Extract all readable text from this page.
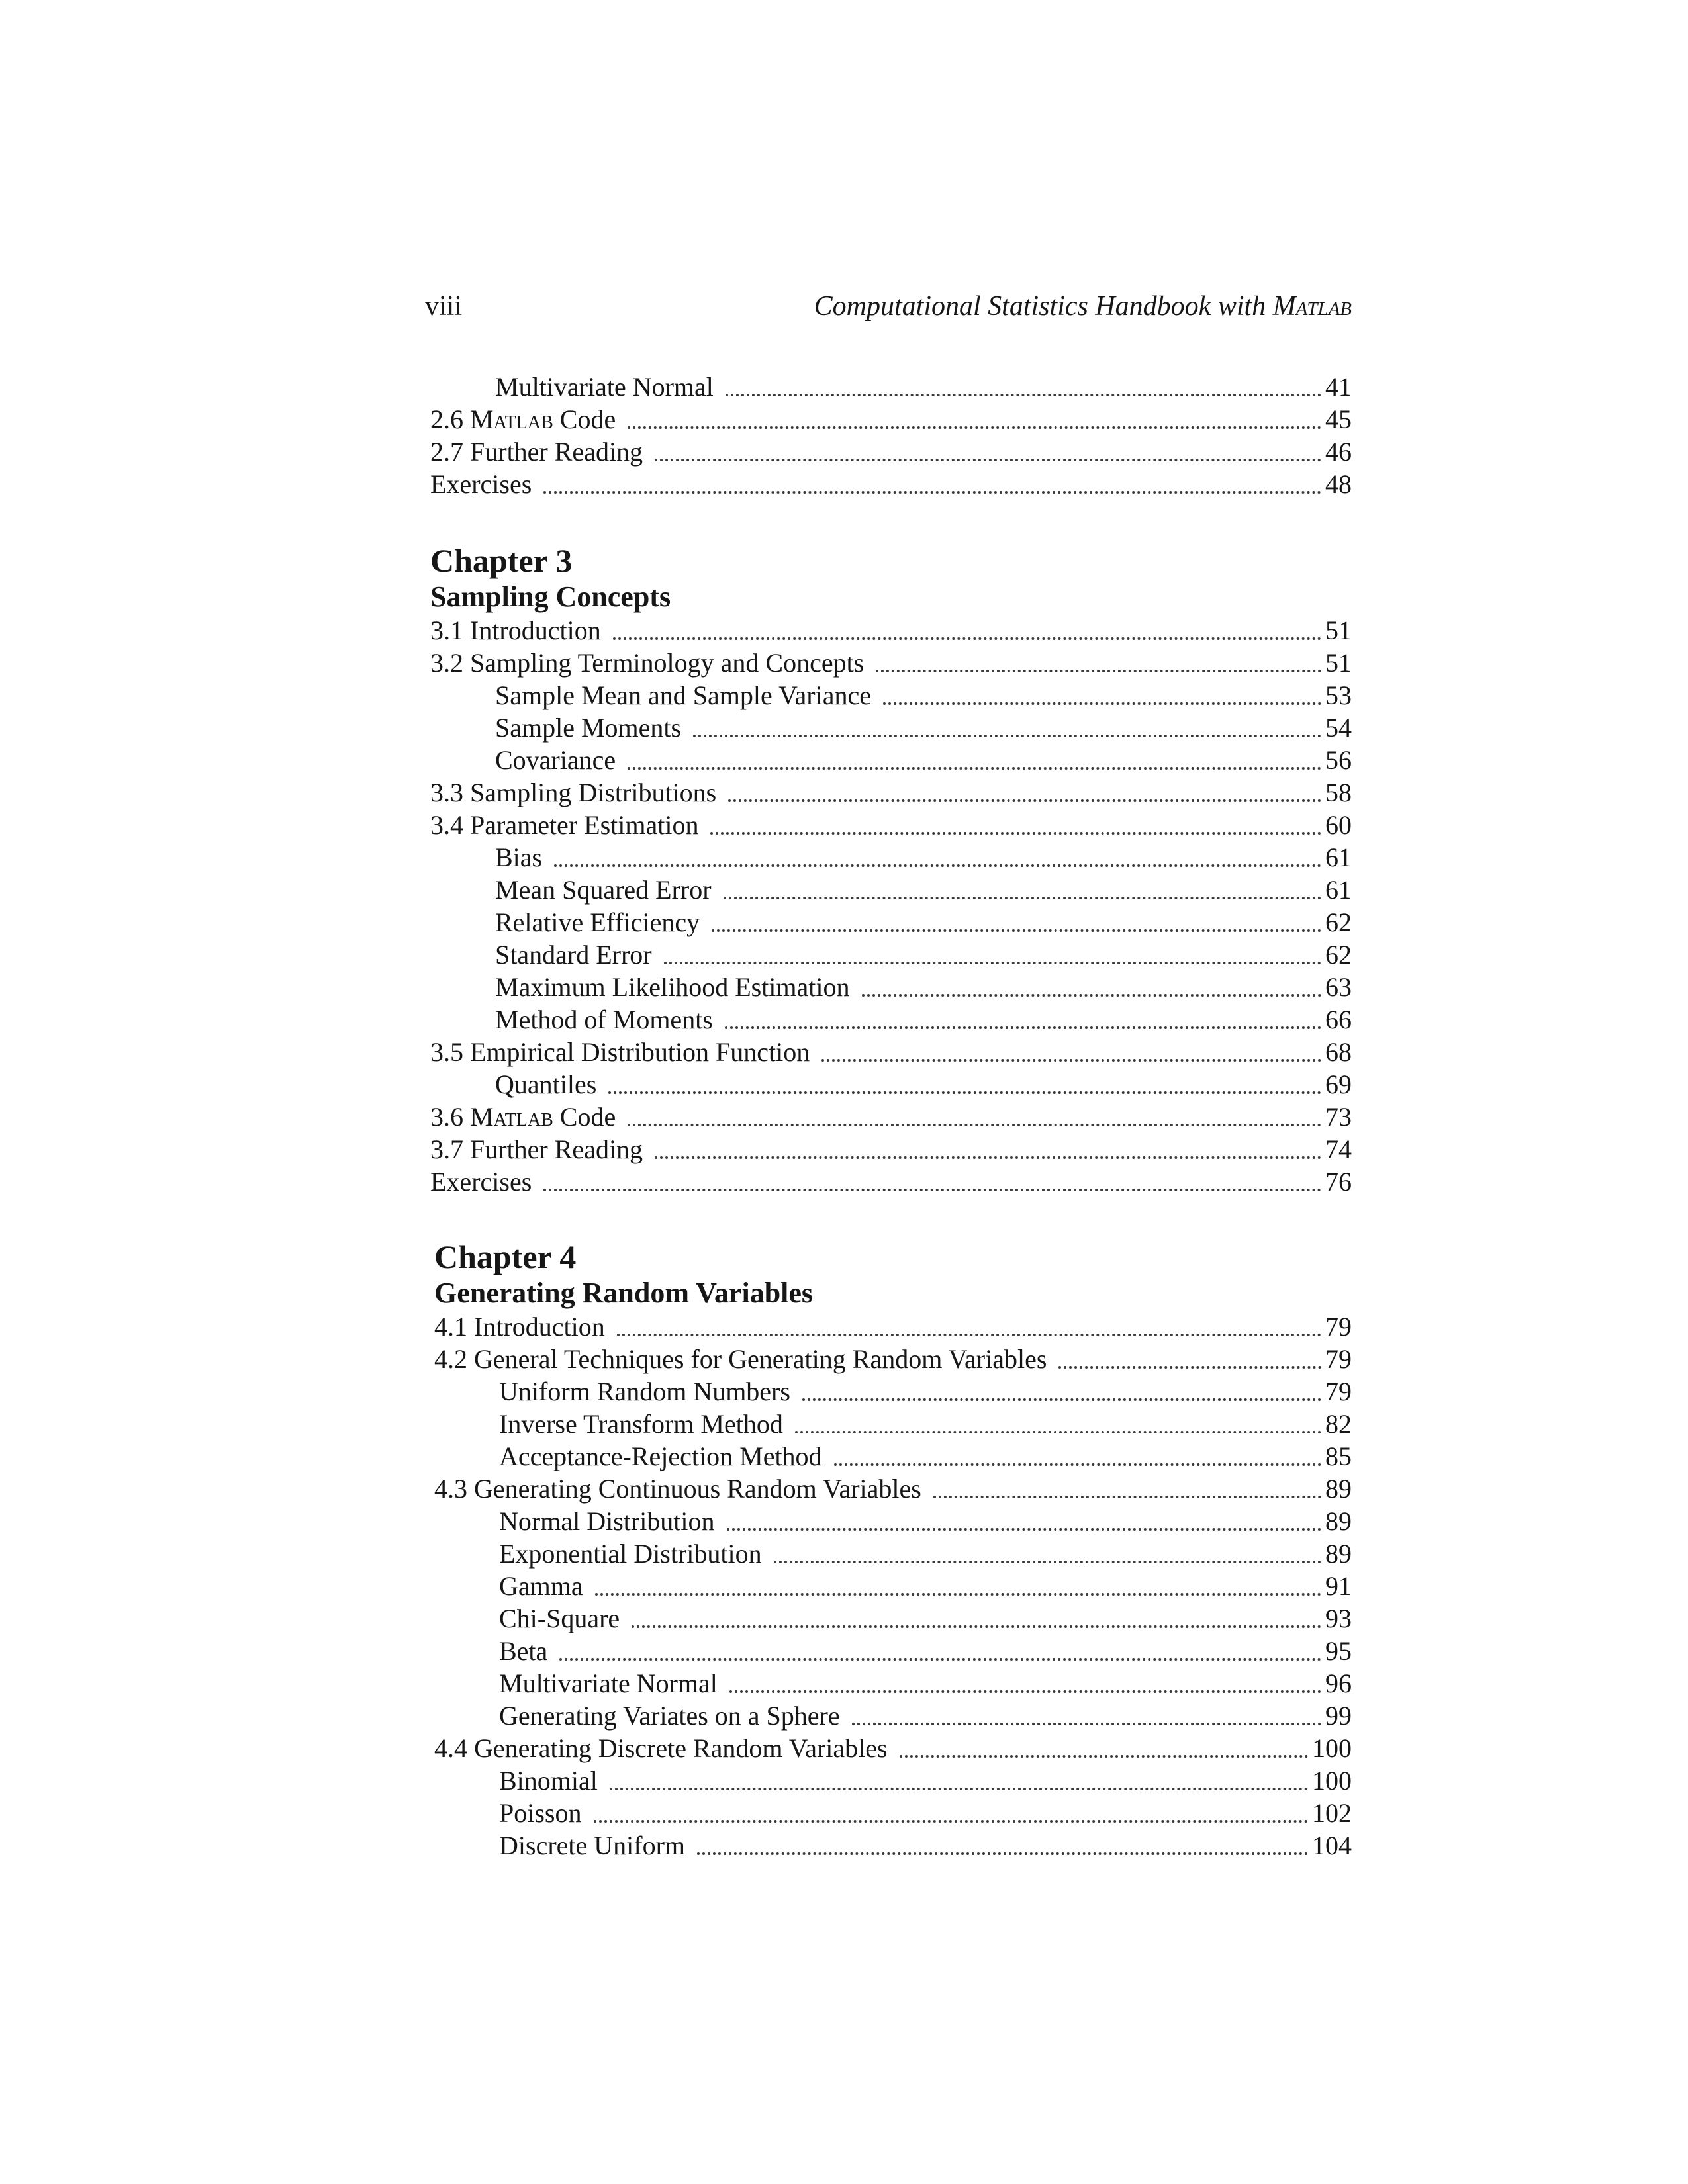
viii	Computational Statistics Handbook with Matlab
Multivariate Normal	41
2.6 Matlab Code	45
2.7 Further Reading	46
Exercises	48
Chapter 3
Sampling Concepts
3.1 Introduction	51
3.2 Sampling Terminology and Concepts	51
Sample Mean and Sample Variance	53
Sample Moments	54
Covariance	56
3.3 Sampling Distributions	58
3.4 Parameter Estimation	60
Bias	61
Mean Squared Error	61
Relative Efficiency	62
Standard Error	62
Maximum Likelihood Estimation	63
Method of Moments	66
3.5 Empirical Distribution Function	68
Quantiles	69
3.6 Matlab Code	73
3.7 Further Reading	74
Exercises	76
Chapter 4
Generating Random Variables
4.1 Introduction	79
4.2 General Techniques for Generating Random Variables	79
Uniform Random Numbers	79
Inverse Transform Method	82
Acceptance-Rejection Method	85
4.3 Generating Continuous Random Variables	89
Normal Distribution	89
Exponential Distribution	89
Gamma	91
Chi-Square	93
Beta	95
Multivariate Normal	96
Generating Variates on a Sphere	99
4.4 Generating Discrete Random Variables	100
Binomial	100
Poisson	102
Discrete Uniform	104
